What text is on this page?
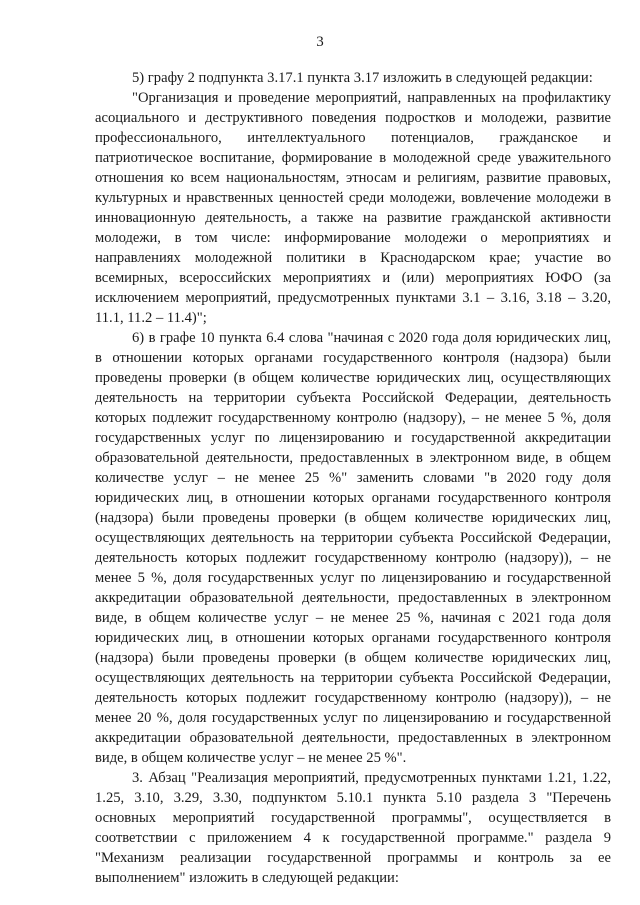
3

5) графу 2 подпункта 3.17.1 пункта 3.17 изложить в следующей редакции:

"Организация и проведение мероприятий, направленных на профилактику асоциального и деструктивного поведения подростков и молодежи, развитие профессионального, интеллектуального потенциалов, гражданское и патриотическое воспитание, формирование в молодежной среде уважительного отношения ко всем национальностям, этносам и религиям, развитие правовых, культурных и нравственных ценностей среди молодежи, вовлечение молодежи в инновационную деятельность, а также на развитие гражданской активности молодежи, в том числе: информирование молодежи о мероприятиях и направлениях молодежной политики в Краснодарском крае; участие во всемирных, всероссийских мероприятиях и (или) мероприятиях ЮФО (за исключением мероприятий, предусмотренных пунктами 3.1 – 3.16, 3.18 – 3.20, 11.1, 11.2 – 11.4)";

6) в графе 10 пункта 6.4 слова "начиная с 2020 года доля юридических лиц, в отношении которых органами государственного контроля (надзора) были проведены проверки (в общем количестве юридических лиц, осуществляющих деятельность на территории субъекта Российской Федерации, деятельность которых подлежит государственному контролю (надзору), – не менее 5 %, доля государственных услуг по лицензированию и государственной аккредитации образовательной деятельности, предоставленных в электронном виде, в общем количестве услуг – не менее 25 %" заменить словами "в 2020 году доля юридических лиц, в отношении которых органами государственного контроля (надзора) были проведены проверки (в общем количестве юридических лиц, осуществляющих деятельность на территории субъекта Российской Федерации, деятельность которых подлежит государственному контролю (надзору)), – не менее 5 %, доля государственных услуг по лицензированию и государственной аккредитации образовательной деятельности, предоставленных в электронном виде, в общем количестве услуг – не менее 25 %, начиная с 2021 года доля юридических лиц, в отношении которых органами государственного контроля (надзора) были проведены проверки (в общем количестве юридических лиц, осуществляющих деятельность на территории субъекта Российской Федерации, деятельность которых подлежит государственному контролю (надзору)), – не менее 20 %, доля государственных услуг по лицензированию и государственной аккредитации образовательной деятельности, предоставленных в электронном виде, в общем количестве услуг – не менее 25 %".

3. Абзац "Реализация мероприятий, предусмотренных пунктами 1.21, 1.22, 1.25, 3.10, 3.29, 3.30, подпунктом 5.10.1 пункта 5.10 раздела 3 "Перечень основных мероприятий государственной программы", осуществляется в соответствии с приложением 4 к государственной программе." раздела 9 "Механизм реализации государственной программы и контроль за ее выполнением" изложить в следующей редакции:
